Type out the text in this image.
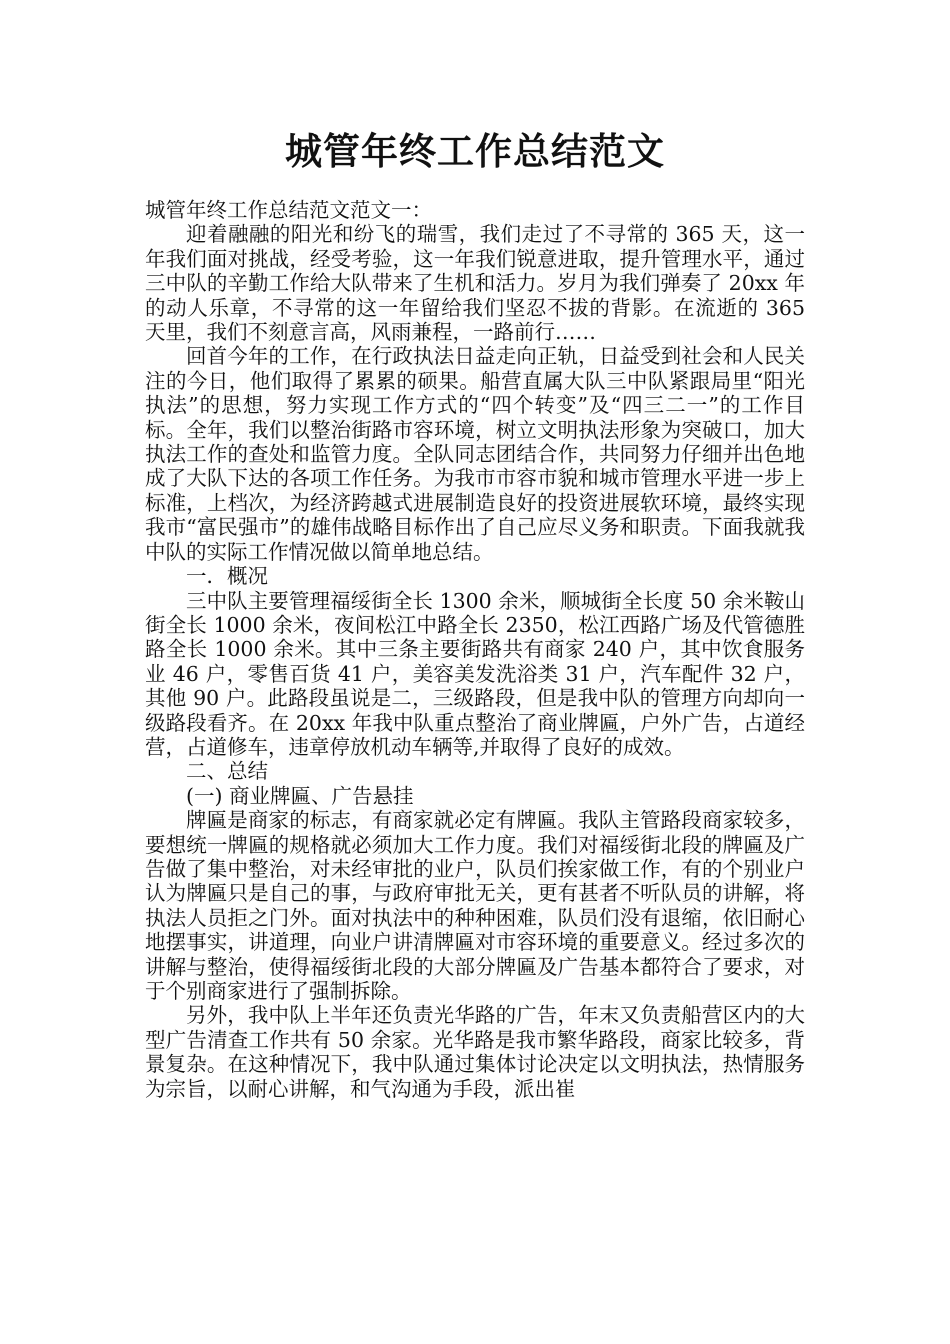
城管年终工作总结范文

城管年终工作总结范文范文一：

迎着融融的阳光和纷飞的瑞雪，我们走过了不寻常的 365 天，这一年我们面对挑战，经受考验，这一年我们锐意进取，提升管理水平，通过三中队的辛勤工作给大队带来了生机和活力。岁月为我们弹奏了 20xx 年的动人乐章，不寻常的这一年留给我们坚忍不拔的背影。在流逝的 365 天里，我们不刻意言高，风雨兼程，一路前行……

回首今年的工作，在行政执法日益走向正轨，日益受到社会和人民关注的今日，他们取得了累累的硕果。船营直属大队三中队紧跟局里“阳光执法”的思想，努力实现工作方式的“四个转变”及“四三二一”的工作目标。全年，我们以整治街路市容环境，树立文明执法形象为突破口，加大执法工作的查处和监管力度。全队同志团结合作，共同努力仔细并出色地成了大队下达的各项工作任务。为我市市容市貌和城市管理水平进一步上标准，上档次，为经济跨越式进展制造良好的投资进展软环境，最终实现我市“富民强市”的雄伟战略目标作出了自己应尽义务和职责。下面我就我中队的实际工作情况做以简单地总结。

一．概况

三中队主要管理福绥街全长 1300 余米，顺城街全长度 50 余米鞍山街全长 1000 余米，夜间松江中路全长 2350，松江西路广场及代管德胜路全长 1000 余米。其中三条主要街路共有商家 240 户，其中饮食服务业 46 户，零售百货 41 户，美容美发洗浴类 31 户，汽车配件 32 户，其他 90 户。此路段虽说是二，三级路段，但是我中队的管理方向却向一级路段看齐。在 20xx 年我中队重点整治了商业牌匾，户外广告，占道经营，占道修车，违章停放机动车辆等,并取得了良好的成效。

二、总结

(一) 商业牌匾、广告悬挂

牌匾是商家的标志，有商家就必定有牌匾。我队主管路段商家较多，要想统一牌匾的规格就必须加大工作力度。我们对福绥街北段的牌匾及广告做了集中整治，对未经审批的业户，队员们挨家做工作，有的个别业户认为牌匾只是自己的事，与政府审批无关，更有甚者不听队员的讲解，将执法人员拒之门外。面对执法中的种种困难，队员们没有退缩，依旧耐心地摆事实，讲道理，向业户讲清牌匾对市容环境的重要意义。经过多次的讲解与整治，使得福绥街北段的大部分牌匾及广告基本都符合了要求，对于个别商家进行了强制拆除。

另外，我中队上半年还负责光华路的广告，年末又负责船营区内的大型广告清查工作共有 50 余家。光华路是我市繁华路段，商家比较多，背景复杂。在这种情况下，我中队通过集体讨论决定以文明执法，热情服务为宗旨，以耐心讲解，和气沟通为手段，派出崔
